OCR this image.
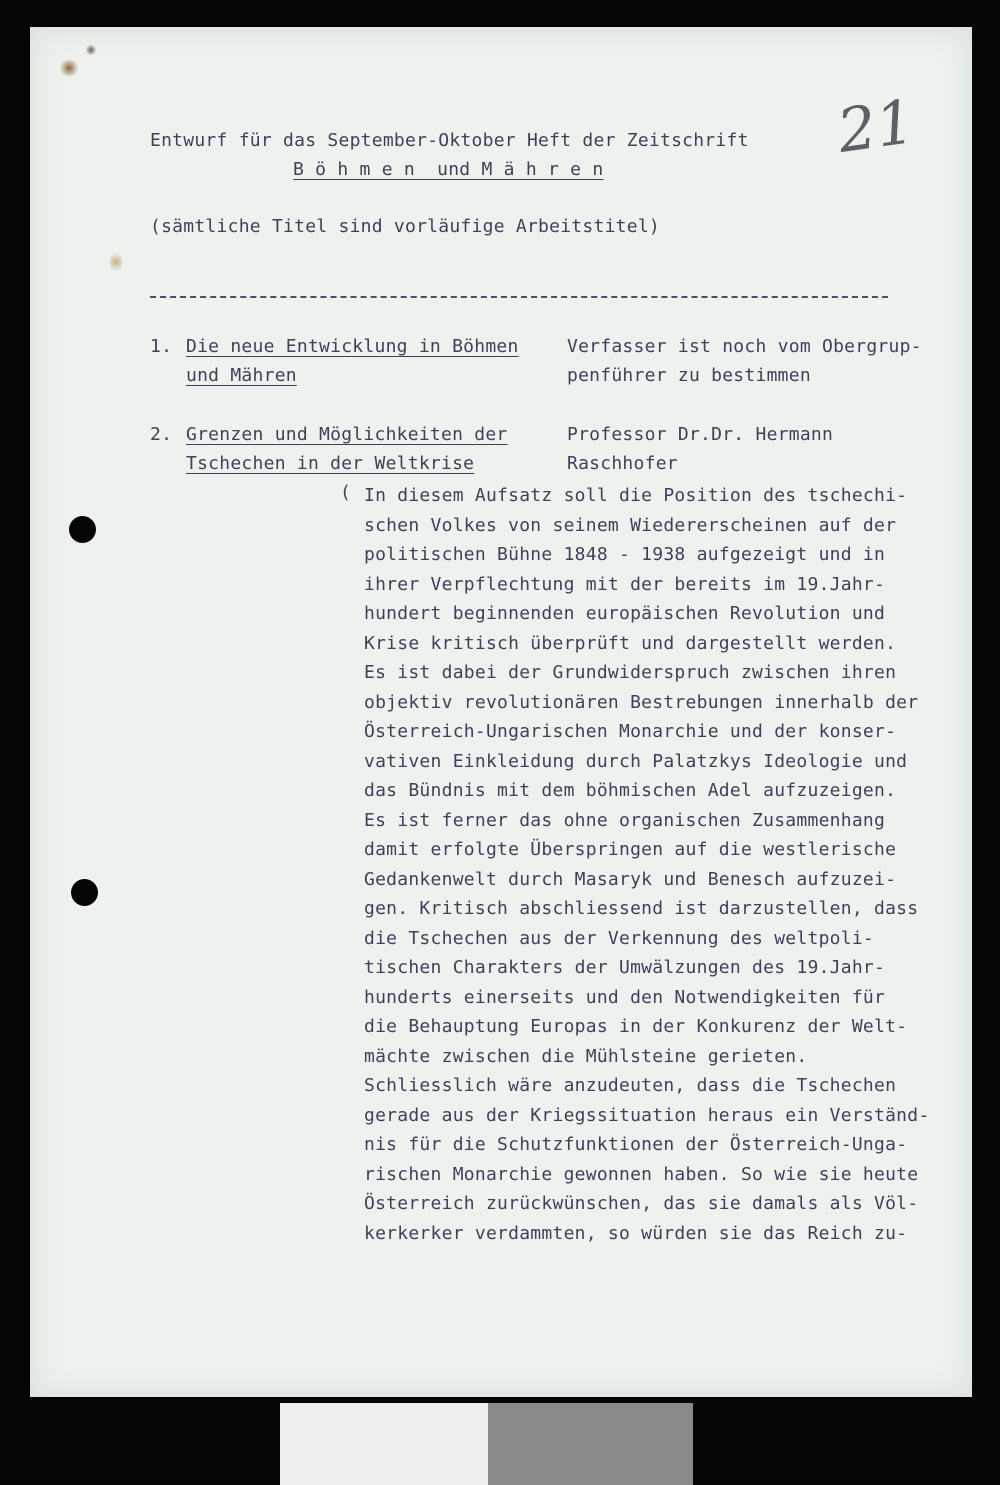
21

Entwurf für das September-Oktober Heft der Zeitschrift

B ö h m e n  und M ä h r e n

(sämtliche Titel sind vorläufige Arbeitstitel)

1. Die neue Entwicklung in Böhmen

und Mähren

Verfasser ist noch vom Obergrup-

penführer zu bestimmen

2. Grenzen und Möglichkeiten der

Tschechen in der Weltkrise

Professor Dr.Dr. Hermann

Raschhofer

( In diesem Aufsatz soll die Position des tschechi-
schen Volkes von seinem Wiedererscheinen auf der
politischen Bühne 1848 - 1938 aufgezeigt und in
ihrer Verpflechtung mit der bereits im 19.Jahr-
hundert beginnenden europäischen Revolution und
Krise kritisch überprüft und dargestellt werden.
Es ist dabei der Grundwiderspruch zwischen ihren
objektiv revolutionären Bestrebungen innerhalb der
Österreich-Ungarischen Monarchie und der konser-
vativen Einkleidung durch Palatzkys Ideologie und
das Bündnis mit dem böhmischen Adel aufzuzeigen.
Es ist ferner das ohne organischen Zusammenhang
damit erfolgte Überspringen auf die westlerische
Gedankenwelt durch Masaryk und Benesch aufzuzei-
gen. Kritisch abschliessend ist darzustellen, dass
die Tschechen aus der Verkennung des weltpoli-
tischen Charakters der Umwälzungen des 19.Jahr-
hunderts einerseits und den Notwendigkeiten für
die Behauptung Europas in der Konkurenz der Welt-
mächte zwischen die Mühlsteine gerieten.
Schliesslich wäre anzudeuten, dass die Tschechen
gerade aus der Kriegssituation heraus ein Verständ-
nis für die Schutzfunktionen der Österreich-Unga-
rischen Monarchie gewonnen haben. So wie sie heute
Österreich zurückwünschen, das sie damals als Völ-
kerkerker verdammten, so würden sie das Reich zu-
